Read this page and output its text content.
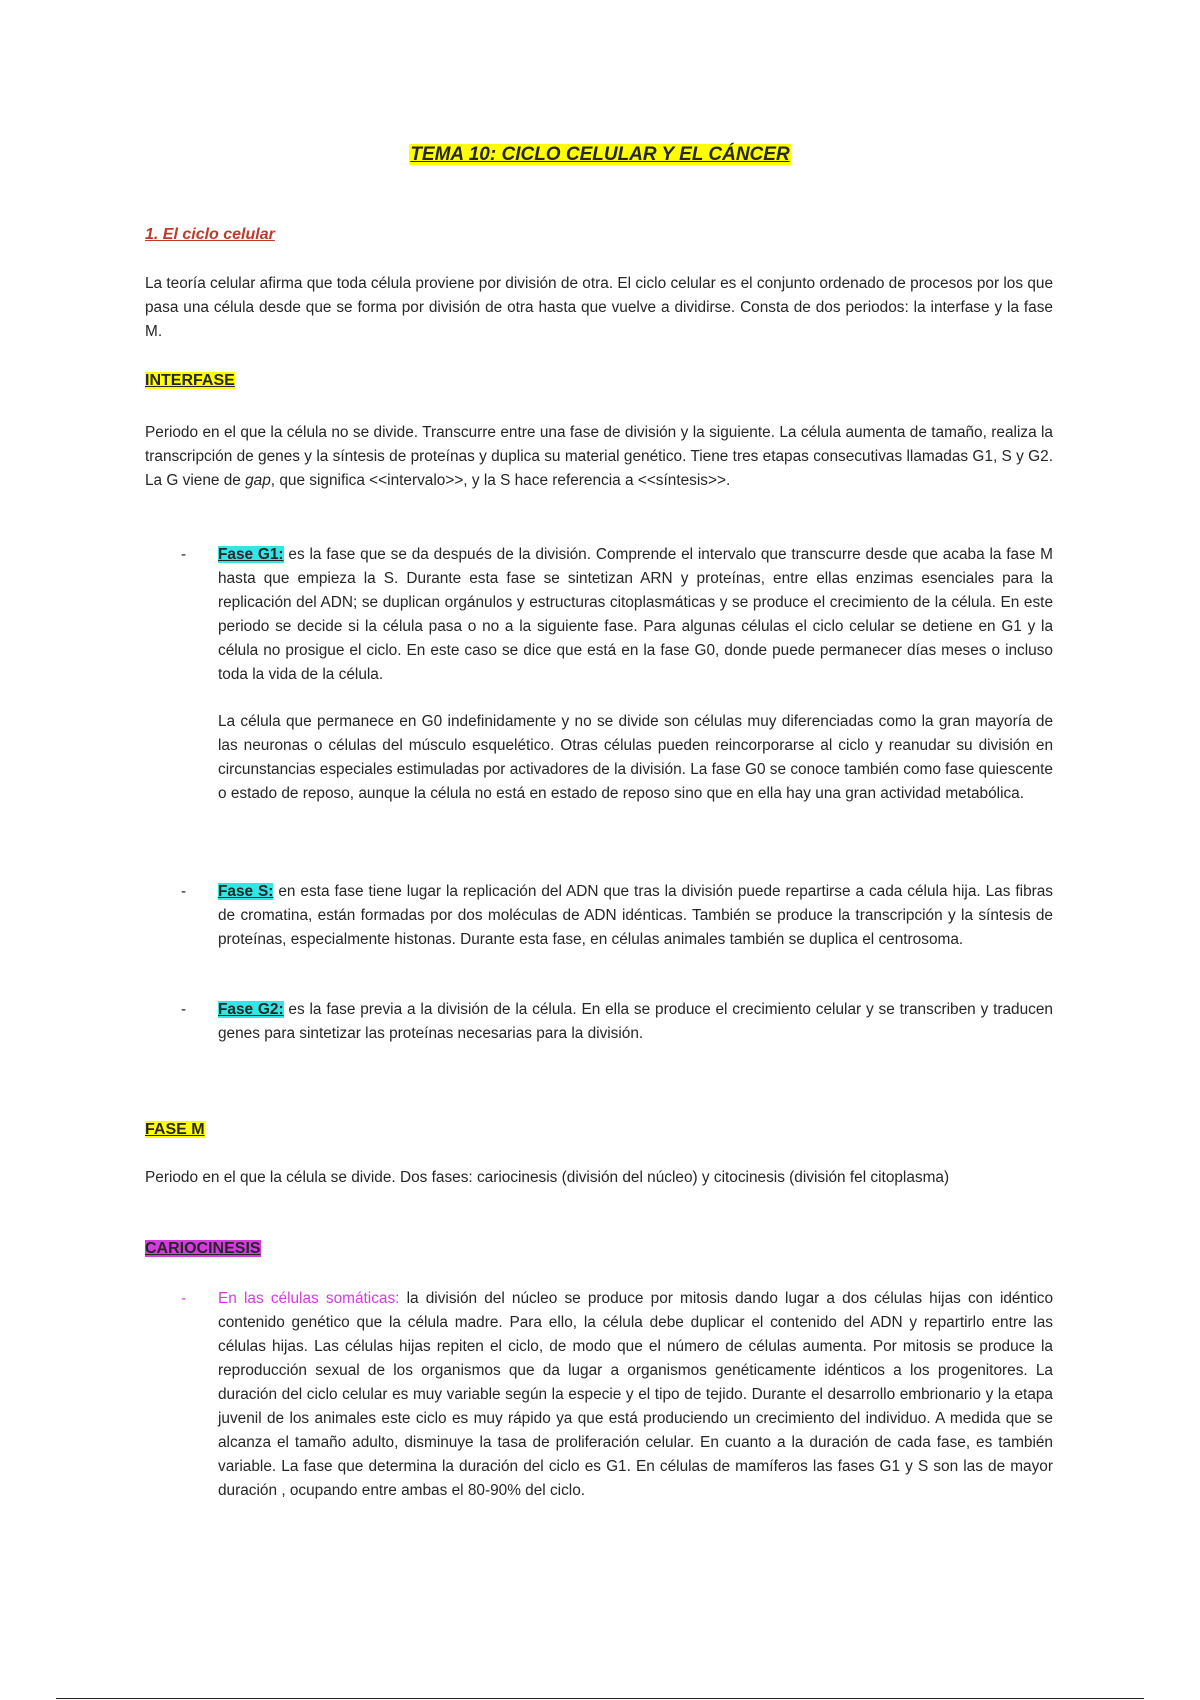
TEMA 10: CICLO CELULAR Y EL CÁNCER
1. El ciclo celular

La teoría celular afirma que toda célula proviene por división de otra. El ciclo celular es el conjunto ordenado de procesos por los que pasa una célula desde que se forma por división de otra hasta que vuelve a dividirse. Consta de dos periodos: la interfase y la fase M.

INTERFASE

Periodo en el que la célula no se divide. Transcurre entre una fase de división y la siguiente. La célula aumenta de tamaño, realiza la transcripción de genes y la síntesis de proteínas y duplica su material genético. Tiene tres etapas consecutivas llamadas G1, S y G2. La G viene de gap, que significa <<intervalo>>, y la S hace referencia a <<síntesis>>.

- Fase G1: es la fase que se da después de la división. Comprende el intervalo que transcurre desde que acaba la fase M hasta que empieza la S. Durante esta fase se sintetizan ARN y proteínas, entre ellas enzimas esenciales para la replicación del ADN; se duplican orgánulos y estructuras citoplasmáticas y se produce el crecimiento de la célula. En este periodo se decide si la célula pasa o no a la siguiente fase. Para algunas células el ciclo celular se detiene en G1 y la célula no prosigue el ciclo. En este caso se dice que está en la fase G0, donde puede permanecer días meses o incluso toda la vida de la célula.

La célula que permanece en G0 indefinidamente y no se divide son células muy diferenciadas como la gran mayoría de las neuronas o células del músculo esquelético. Otras células pueden reincorporarse al ciclo y reanudar su división en circunstancias especiales estimuladas por activadores de la división. La fase G0 se conoce también como fase quiescente o estado de reposo, aunque la célula no está en estado de reposo sino que en ella hay una gran actividad metabólica.

- Fase S: en esta fase tiene lugar la replicación del ADN que tras la división puede repartirse a cada célula hija. Las fibras de cromatina, están formadas por dos moléculas de ADN idénticas. También se produce la transcripción y la síntesis de proteínas, especialmente histonas. Durante esta fase, en células animales también se duplica el centrosoma.

- Fase G2: es la fase previa a la división de la célula. En ella se produce el crecimiento celular y se transcriben y traducen genes para sintetizar las proteínas necesarias para la división.

FASE M

Periodo en el que la célula se divide. Dos fases: cariocinesis (división del núcleo) y citocinesis (división fel citoplasma)

CARIOCINESIS
- En las células somáticas: la división del núcleo se produce por mitosis dando lugar a dos células hijas con idéntico contenido genético que la célula madre. Para ello, la célula debe duplicar el contenido del ADN y repartirlo entre las células hijas. Las células hijas repiten el ciclo, de modo que el número de células aumenta. Por mitosis se produce la reproducción sexual de los organismos que da lugar a organismos genéticamente idénticos a los progenitores. La duración del ciclo celular es muy variable según la especie y el tipo de tejido. Durante el desarrollo embrionario y la etapa juvenil de los animales este ciclo es muy rápido ya que está produciendo un crecimiento del individuo. A medida que se alcanza el tamaño adulto, disminuye la tasa de proliferación celular. En cuanto a la duración de cada fase, es también variable. La fase que determina la duración del ciclo es G1. En células de mamíferos las fases G1 y S son las de mayor duración , ocupando entre ambas el 80-90% del ciclo.
